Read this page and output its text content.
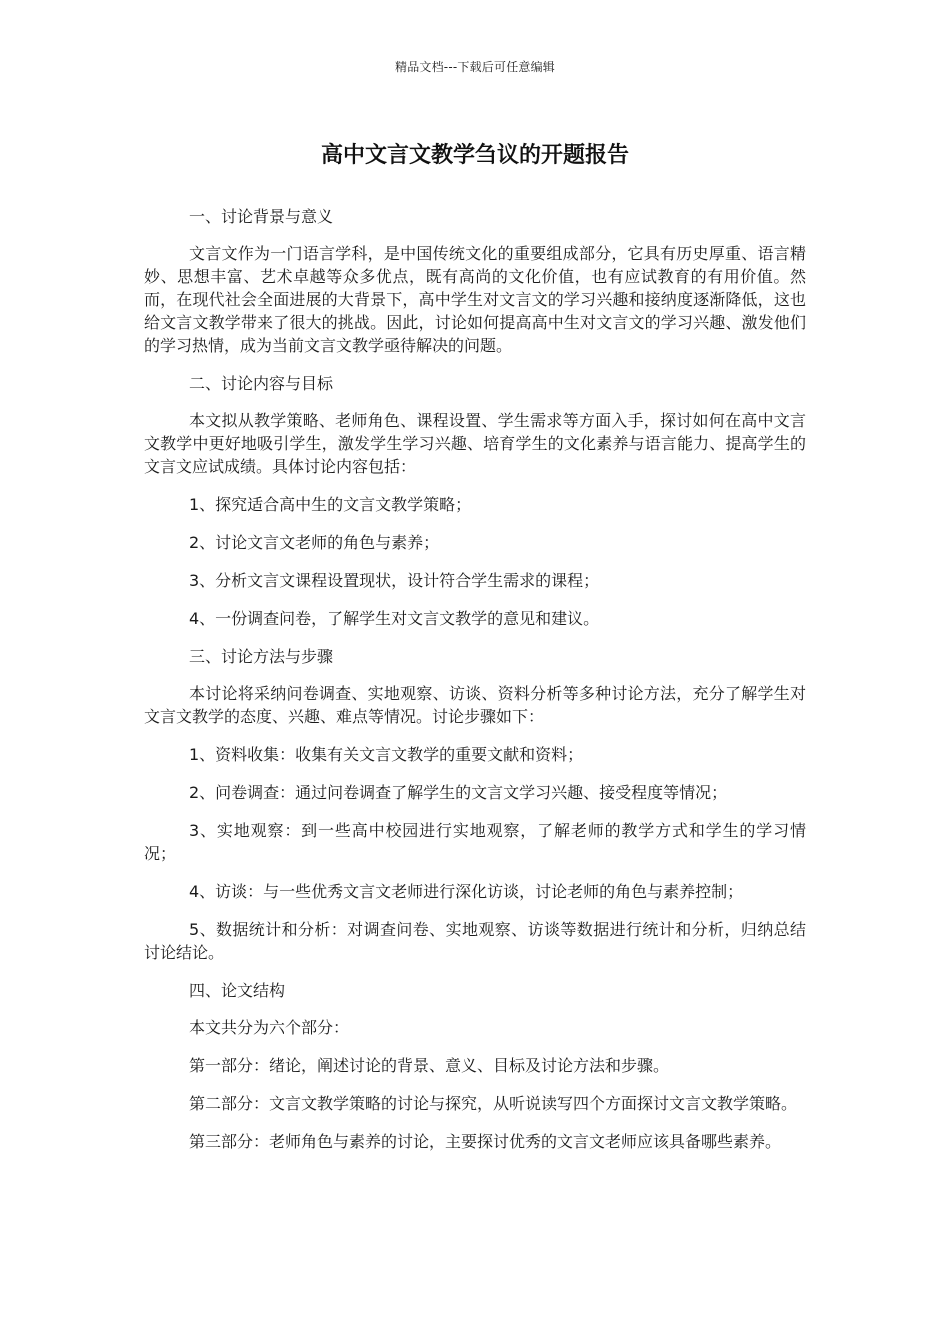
精品文档---下载后可任意编辑
高中文言文教学刍议的开题报告

一、讨论背景与意义

文言文作为一门语言学科，是中国传统文化的重要组成部分，它具有历史厚重、语言精妙、思想丰富、艺术卓越等众多优点，既有高尚的文化价值，也有应试教育的有用价值。然而，在现代社会全面进展的大背景下，高中学生对文言文的学习兴趣和接纳度逐渐降低，这也给文言文教学带来了很大的挑战。因此，讨论如何提高高中生对文言文的学习兴趣、激发他们的学习热情，成为当前文言文教学亟待解决的问题。

二、讨论内容与目标

本文拟从教学策略、老师角色、课程设置、学生需求等方面入手，探讨如何在高中文言文教学中更好地吸引学生，激发学生学习兴趣、培育学生的文化素养与语言能力、提高学生的文言文应试成绩。具体讨论内容包括：

1、探究适合高中生的文言文教学策略；

2、讨论文言文老师的角色与素养；

3、分析文言文课程设置现状，设计符合学生需求的课程；

4、一份调查问卷，了解学生对文言文教学的意见和建议。

三、讨论方法与步骤

本讨论将采纳问卷调查、实地观察、访谈、资料分析等多种讨论方法，充分了解学生对文言文教学的态度、兴趣、难点等情况。讨论步骤如下：

1、资料收集：收集有关文言文教学的重要文献和资料；

2、问卷调查：通过问卷调查了解学生的文言文学习兴趣、接受程度等情况；

3、实地观察：到一些高中校园进行实地观察，了解老师的教学方式和学生的学习情况；

4、访谈：与一些优秀文言文老师进行深化访谈，讨论老师的角色与素养控制；

5、数据统计和分析：对调查问卷、实地观察、访谈等数据进行统计和分析，归纳总结讨论结论。

四、论文结构

本文共分为六个部分：

第一部分：绪论，阐述讨论的背景、意义、目标及讨论方法和步骤。

第二部分：文言文教学策略的讨论与探究，从听说读写四个方面探讨文言文教学策略。

第三部分：老师角色与素养的讨论，主要探讨优秀的文言文老师应该具备哪些素养。
